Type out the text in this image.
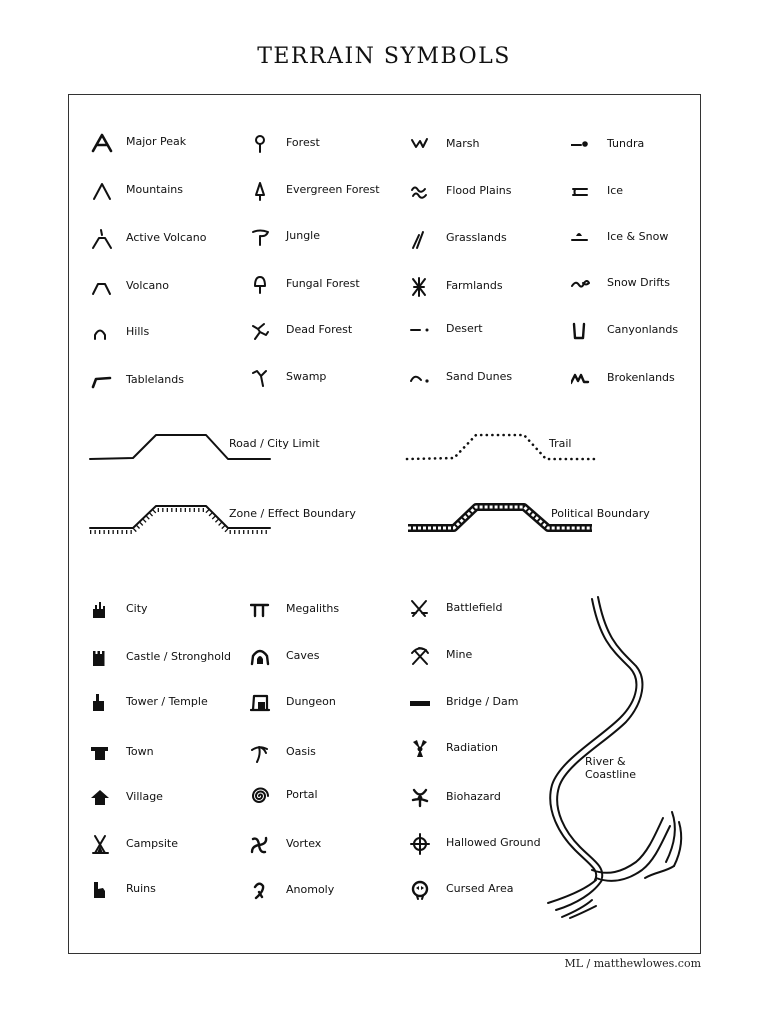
TERRAIN SYMBOLS
Major Peak
Mountains
Active Volcano
Volcano
Hills
Tablelands
Forest
Evergreen Forest
Jungle
Fungal Forest
Dead Forest
Swamp
Marsh
Flood Plains
Grasslands
Farmlands
Desert
Sand Dunes
Tundra
Ice
Ice & Snow
Snow Drifts
Canyonlands
Brokenlands
Road / City Limit	Trail
Zone / Effect Boundary	Political Boundary
City
Castle / Stronghold
Tower / Temple
Town
Village
Campsite
Ruins
Megaliths
Caves
Dungeon
Oasis
Portal
Vortex
Anomoly
Battlefield
Mine
Bridge / Dam
Radiation
Biohazard
Hallowed Ground
Cursed Area
River &
Coastline
ML / matthewlowes.com
